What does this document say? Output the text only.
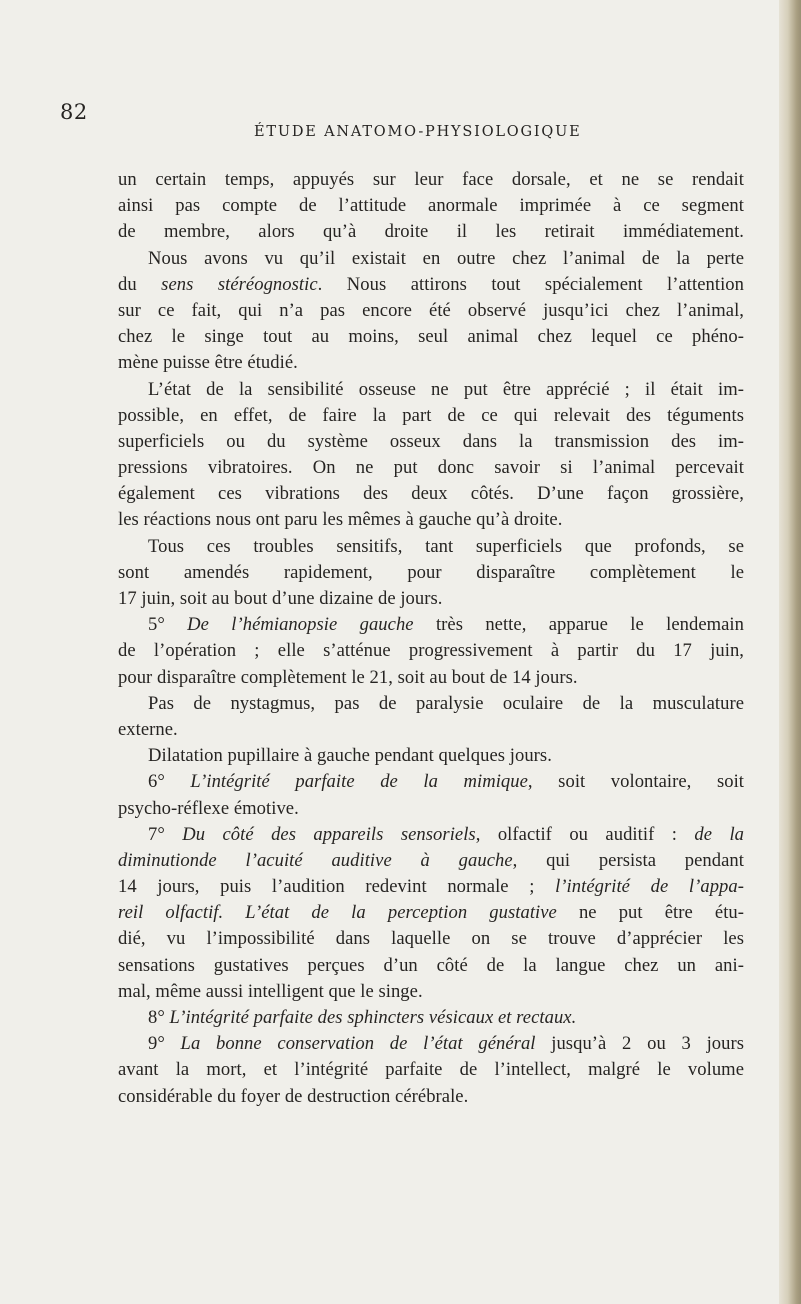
82
ÉTUDE ANATOMO-PHYSIOLOGIQUE
un certain temps, appuyés sur leur face dorsale, et ne se rendait
ainsi pas compte de l’attitude anormale imprimée à ce segment
de membre, alors qu’à droite il les retirait immédiatement.
Nous avons vu qu’il existait en outre chez l’animal de la perte
du sens stéréognostic. Nous attirons tout spécialement l’attention
sur ce fait, qui n’a pas encore été observé jusqu’ici chez l’animal,
chez le singe tout au moins, seul animal chez lequel ce phéno-
mène puisse être étudié.
L’état de la sensibilité osseuse ne put être apprécié ; il était im-
possible, en effet, de faire la part de ce qui relevait des téguments
superficiels ou du système osseux dans la transmission des im-
pressions vibratoires. On ne put donc savoir si l’animal percevait
également ces vibrations des deux côtés. D’une façon grossière,
les réactions nous ont paru les mêmes à gauche qu’à droite.
Tous ces troubles sensitifs, tant superficiels que profonds, se
sont amendés rapidement, pour disparaître complètement le
17 juin, soit au bout d’une dizaine de jours.
5° De l’hémianopsie gauche très nette, apparue le lendemain
de l’opération ; elle s’atténue progressivement à partir du 17 juin,
pour disparaître complètement le 21, soit au bout de 14 jours.
Pas de nystagmus, pas de paralysie oculaire de la musculature
externe.
Dilatation pupillaire à gauche pendant quelques jours.
6° L’intégrité parfaite de la mimique, soit volontaire, soit
psycho-réflexe émotive.
7° Du côté des appareils sensoriels, olfactif ou auditif : de la
diminutionde l’acuité auditive à gauche, qui persista pendant
14 jours, puis l’audition redevint normale ; l’intégrité de l’appa-
reil olfactif. L’état de la perception gustative ne put être étu-
dié, vu l’impossibilité dans laquelle on se trouve d’apprécier les
sensations gustatives perçues d’un côté de la langue chez un ani-
mal, même aussi intelligent que le singe.
8° L’intégrité parfaite des sphincters vésicaux et rectaux.
9° La bonne conservation de l’état général jusqu’à 2 ou 3 jours
avant la mort, et l’intégrité parfaite de l’intellect, malgré le volume
considérable du foyer de destruction cérébrale.
